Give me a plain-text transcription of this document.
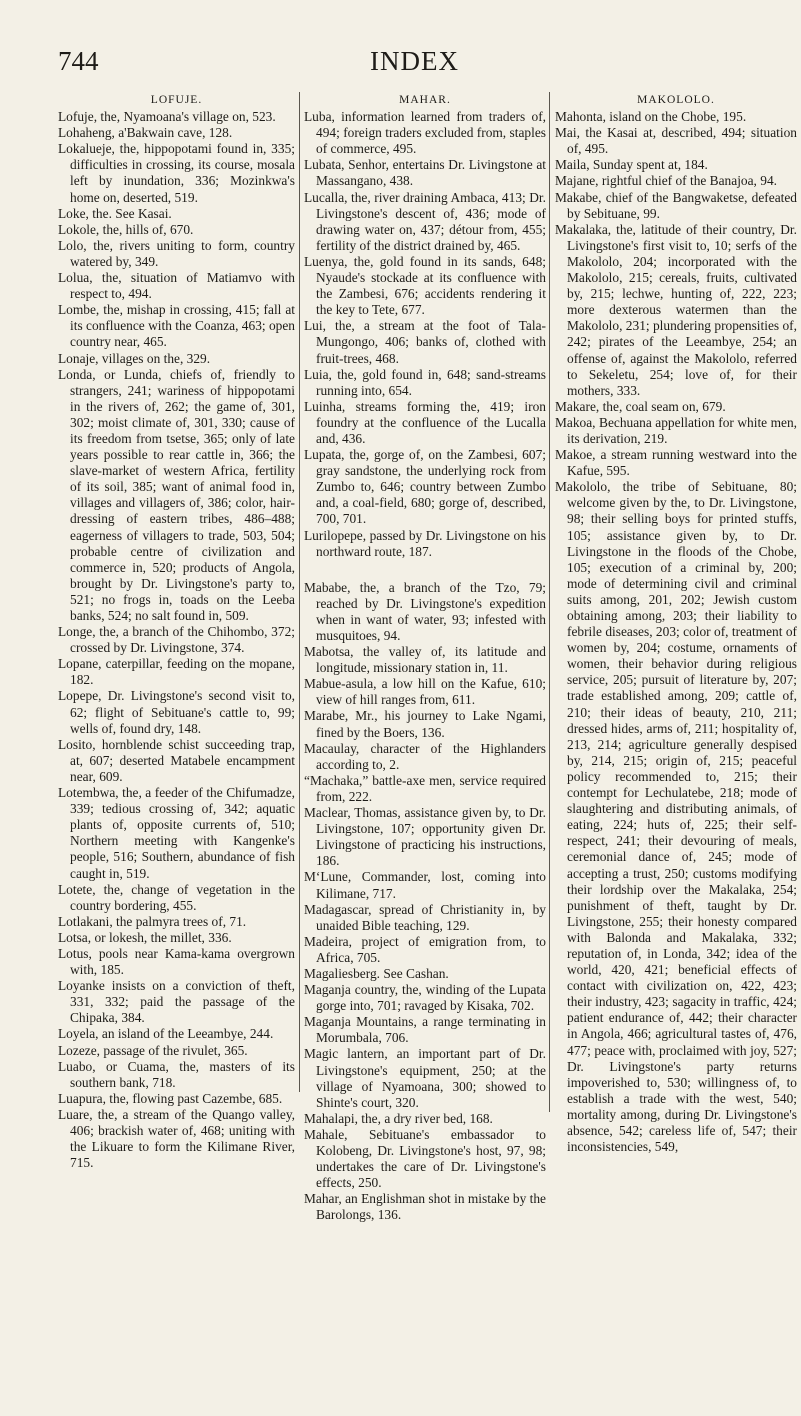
744	INDEX
LOFUJE.

Lofuje, the, Nyamoana's village on, 523.

Lohaheng, a'Bakwain cave, 128.

Lokalueje, the, hippopotami found in, 335; difficulties in crossing, its course, mosala left by inundation, 336; Mozinkwa's home on, deserted, 519.

Loke, the. See Kasai.

Lokole, the, hills of, 670.

Lolo, the, rivers uniting to form, country watered by, 349.

Lolua, the, situation of Matiamvo with respect to, 494.

Lombe, the, mishap in crossing, 415; fall at its confluence with the Coanza, 463; open country near, 465.

Lonaje, villages on the, 329.

Londa, or Lunda, chiefs of, friendly to strangers, 241; wariness of hippopotami in the rivers of, 262; the game of, 301, 302; moist climate of, 301, 330; cause of its freedom from tsetse, 365; only of late years possible to rear cattle in, 366; the slave-market of western Africa, fertility of its soil, 385; want of animal food in, villages and villagers of, 386; color, hair-dressing of eastern tribes, 486–488; eagerness of villagers to trade, 503, 504; probable centre of civilization and commerce in, 520; products of Angola, brought by Dr. Livingstone's party to, 521; no frogs in, toads on the Leeba banks, 524; no salt found in, 509.

Longe, the, a branch of the Chihombo, 372; crossed by Dr. Livingstone, 374.

Lopane, caterpillar, feeding on the mopane, 182.

Lopepe, Dr. Livingstone's second visit to, 62; flight of Sebituane's cattle to, 99; wells of, found dry, 148.

Losito, hornblende schist succeeding trap, at, 607; deserted Matabele encampment near, 609.

Lotembwa, the, a feeder of the Chifumadze, 339; tedious crossing of, 342; aquatic plants of, opposite currents of, 510; Northern meeting with Kangenke's people, 516; Southern, abundance of fish caught in, 519.

Lotete, the, change of vegetation in the country bordering, 455.

Lotlakani, the palmyra trees of, 71.

Lotsa, or lokesh, the millet, 336.

Lotus, pools near Kama-kama overgrown with, 185.

Loyanke insists on a conviction of theft, 331, 332; paid the passage of the Chipaka, 384.

Loyela, an island of the Leeambye, 244.

Lozeze, passage of the rivulet, 365.

Luabo, or Cuama, the, masters of its southern bank, 718.

Luapura, the, flowing past Cazembe, 685.

Luare, the, a stream of the Quango valley, 406; brackish water of, 468; uniting with the Likuare to form the Kilimane River, 715.

MAHAR.

Luba, information learned from traders of, 494; foreign traders excluded from, staples of commerce, 495.

Lubata, Senhor, entertains Dr. Livingstone at Massangano, 438.

Lucalla, the, river draining Ambaca, 413; Dr. Livingstone's descent of, 436; mode of drawing water on, 437; détour from, 455; fertility of the district drained by, 465.

Luenya, the, gold found in its sands, 648; Nyaude's stockade at its confluence with the Zambesi, 676; accidents rendering it the key to Tete, 677.

Lui, the, a stream at the foot of Tala-Mungongo, 406; banks of, clothed with fruit-trees, 468.

Luia, the, gold found in, 648; sand-streams running into, 654.

Luinha, streams forming the, 419; iron foundry at the confluence of the Lucalla and, 436.

Lupata, the, gorge of, on the Zambesi, 607; gray sandstone, the underlying rock from Zumbo to, 646; country between Zumbo and, a coal-field, 680; gorge of, described, 700, 701.

Lurilopepe, passed by Dr. Livingstone on his northward route, 187.

Mababe, the, a branch of the Tzo, 79; reached by Dr. Livingstone's expedition when in want of water, 93; infested with musquitoes, 94.

Mabotsa, the valley of, its latitude and longitude, missionary station in, 11.

Mabue-asula, a low hill on the Kafue, 610; view of hill ranges from, 611.

Marabe, Mr., his journey to Lake Ngami, fined by the Boers, 136.

Macaulay, character of the Highlanders according to, 2.

“Machaka,” battle-axe men, service required from, 222.

Maclear, Thomas, assistance given by, to Dr. Livingstone, 107; opportunity given Dr. Livingstone of practicing his instructions, 186.

M‘Lune, Commander, lost, coming into Kilimane, 717.

Madagascar, spread of Christianity in, by unaided Bible teaching, 129.

Madeira, project of emigration from, to Africa, 705.

Magaliesberg. See Cashan.

Maganja country, the, winding of the Lupata gorge into, 701; ravaged by Kisaka, 702.

Maganja Mountains, a range terminating in Morumbala, 706.

Magic lantern, an important part of Dr. Livingstone's equipment, 250; at the village of Nyamoana, 300; showed to Shinte's court, 320.

Mahalapi, the, a dry river bed, 168.

Mahale, Sebituane's embassador to Kolobeng, Dr. Livingstone's host, 97, 98; undertakes the care of Dr. Livingstone's effects, 250.

Mahar, an Englishman shot in mistake by the Barolongs, 136.

MAKOLOLO.

Mahonta, island on the Chobe, 195.

Mai, the Kasai at, described, 494; situation of, 495.

Maila, Sunday spent at, 184.

Majane, rightful chief of the Banajoa, 94.

Makabe, chief of the Bangwaketse, defeated by Sebituane, 99.

Makalaka, the, latitude of their country, Dr. Livingstone's first visit to, 10; serfs of the Makololo, 204; incorporated with the Makololo, 215; cereals, fruits, cultivated by, 215; lechwe, hunting of, 222, 223; more dexterous watermen than the Makololo, 231; plundering propensities of, 242; pirates of the Leeambye, 254; an offense of, against the Makololo, referred to Sekeletu, 254; love of, for their mothers, 333.

Makare, the, coal seam on, 679.

Makoa, Bechuana appellation for white men, its derivation, 219.

Makoe, a stream running westward into the Kafue, 595.

Makololo, the tribe of Sebituane, 80; welcome given by the, to Dr. Livingstone, 98; their selling boys for printed stuffs, 105; assistance given by, to Dr. Livingstone in the floods of the Chobe, 105; execution of a criminal by, 200; mode of determining civil and criminal suits among, 201, 202; Jewish custom obtaining among, 203; their liability to febrile diseases, 203; color of, treatment of women by, 204; costume, ornaments of women, their behavior during religious service, 205; pursuit of literature by, 207; trade established among, 209; cattle of, 210; their ideas of beauty, 210, 211; dressed hides, arms of, 211; hospitality of, 213, 214; agriculture generally despised by, 214, 215; origin of, 215; peaceful policy recommended to, 215; their contempt for Lechulatebe, 218; mode of slaughtering and distributing animals, of eating, 224; huts of, 225; their self-respect, 241; their devouring of meals, ceremonial dance of, 245; mode of accepting a trust, 250; customs modifying their lordship over the Makalaka, 254; punishment of theft, taught by Dr. Livingstone, 255; their honesty compared with Balonda and Makalaka, 332; reputation of, in Londa, 342; idea of the world, 420, 421; beneficial effects of contact with civilization on, 422, 423; their industry, 423; sagacity in traffic, 424; patient endurance of, 442; their character in Angola, 466; agricultural tastes of, 476, 477; peace with, proclaimed with joy, 527; Dr. Livingstone's party returns impoverished to, 530; willingness of, to establish a trade with the west, 540; mortality among, during Dr. Livingstone's absence, 542; careless life of, 547; their inconsistencies, 549,
